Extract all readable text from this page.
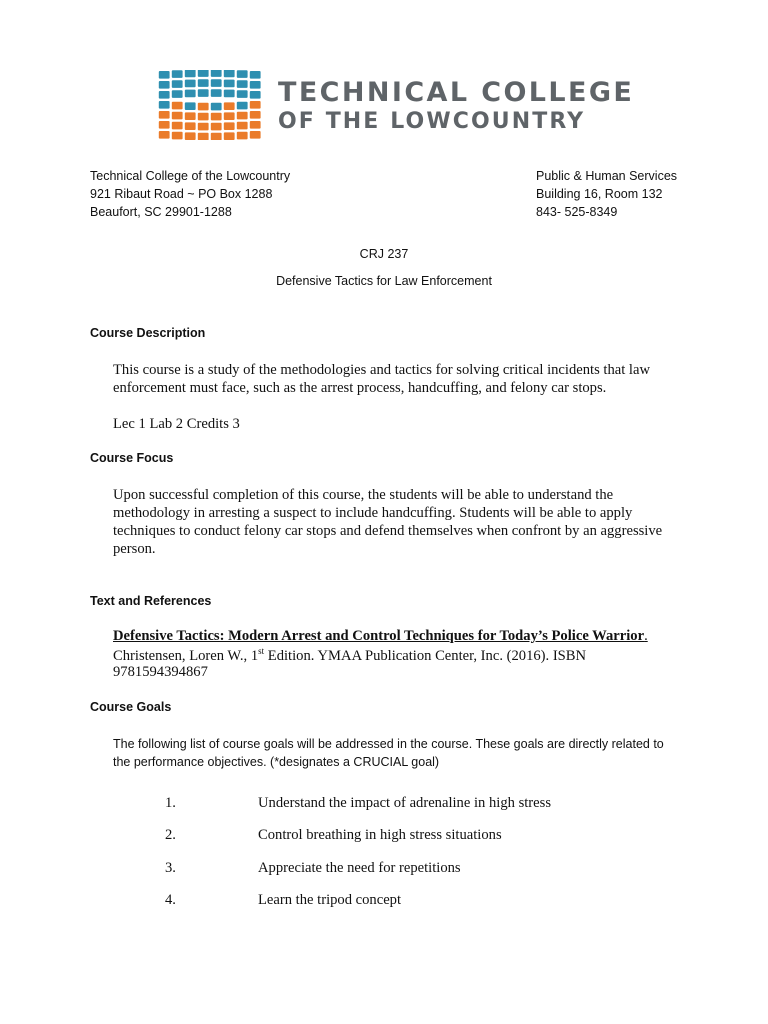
TECHNICAL COLLEGE
OF THE LOWCOUNTRY
Technical College of the Lowcountry
921 Ribaut Road ~ PO Box 1288
Beaufort, SC 29901-1288
Public & Human Services
Building 16, Room 132
843- 525-8349
CRJ 237
Defensive Tactics for Law Enforcement
Course Description
This course is a study of the methodologies and tactics for solving critical incidents that law enforcement must face, such as the arrest process, handcuffing, and felony car stops.
Lec 1 Lab 2 Credits 3
Course Focus
Upon successful completion of this course, the students will be able to understand the methodology in arresting a suspect to include handcuffing. Students will be able to apply techniques to conduct felony car stops and defend themselves when confront by an aggressive person.
Text and References
Defensive Tactics: Modern Arrest and Control Techniques for Today’s Police Warrior.
Christensen, Loren W., 1st Edition. YMAA Publication Center, Inc. (2016). ISBN
9781594394867
Course Goals
The following list of course goals will be addressed in the course. These goals are directly related to the performance objectives. (*designates a CRUCIAL goal)
1.	Understand the impact of adrenaline in high stress
2.	Control breathing in high stress situations
3.	Appreciate the need for repetitions
4.	Learn the tripod concept
